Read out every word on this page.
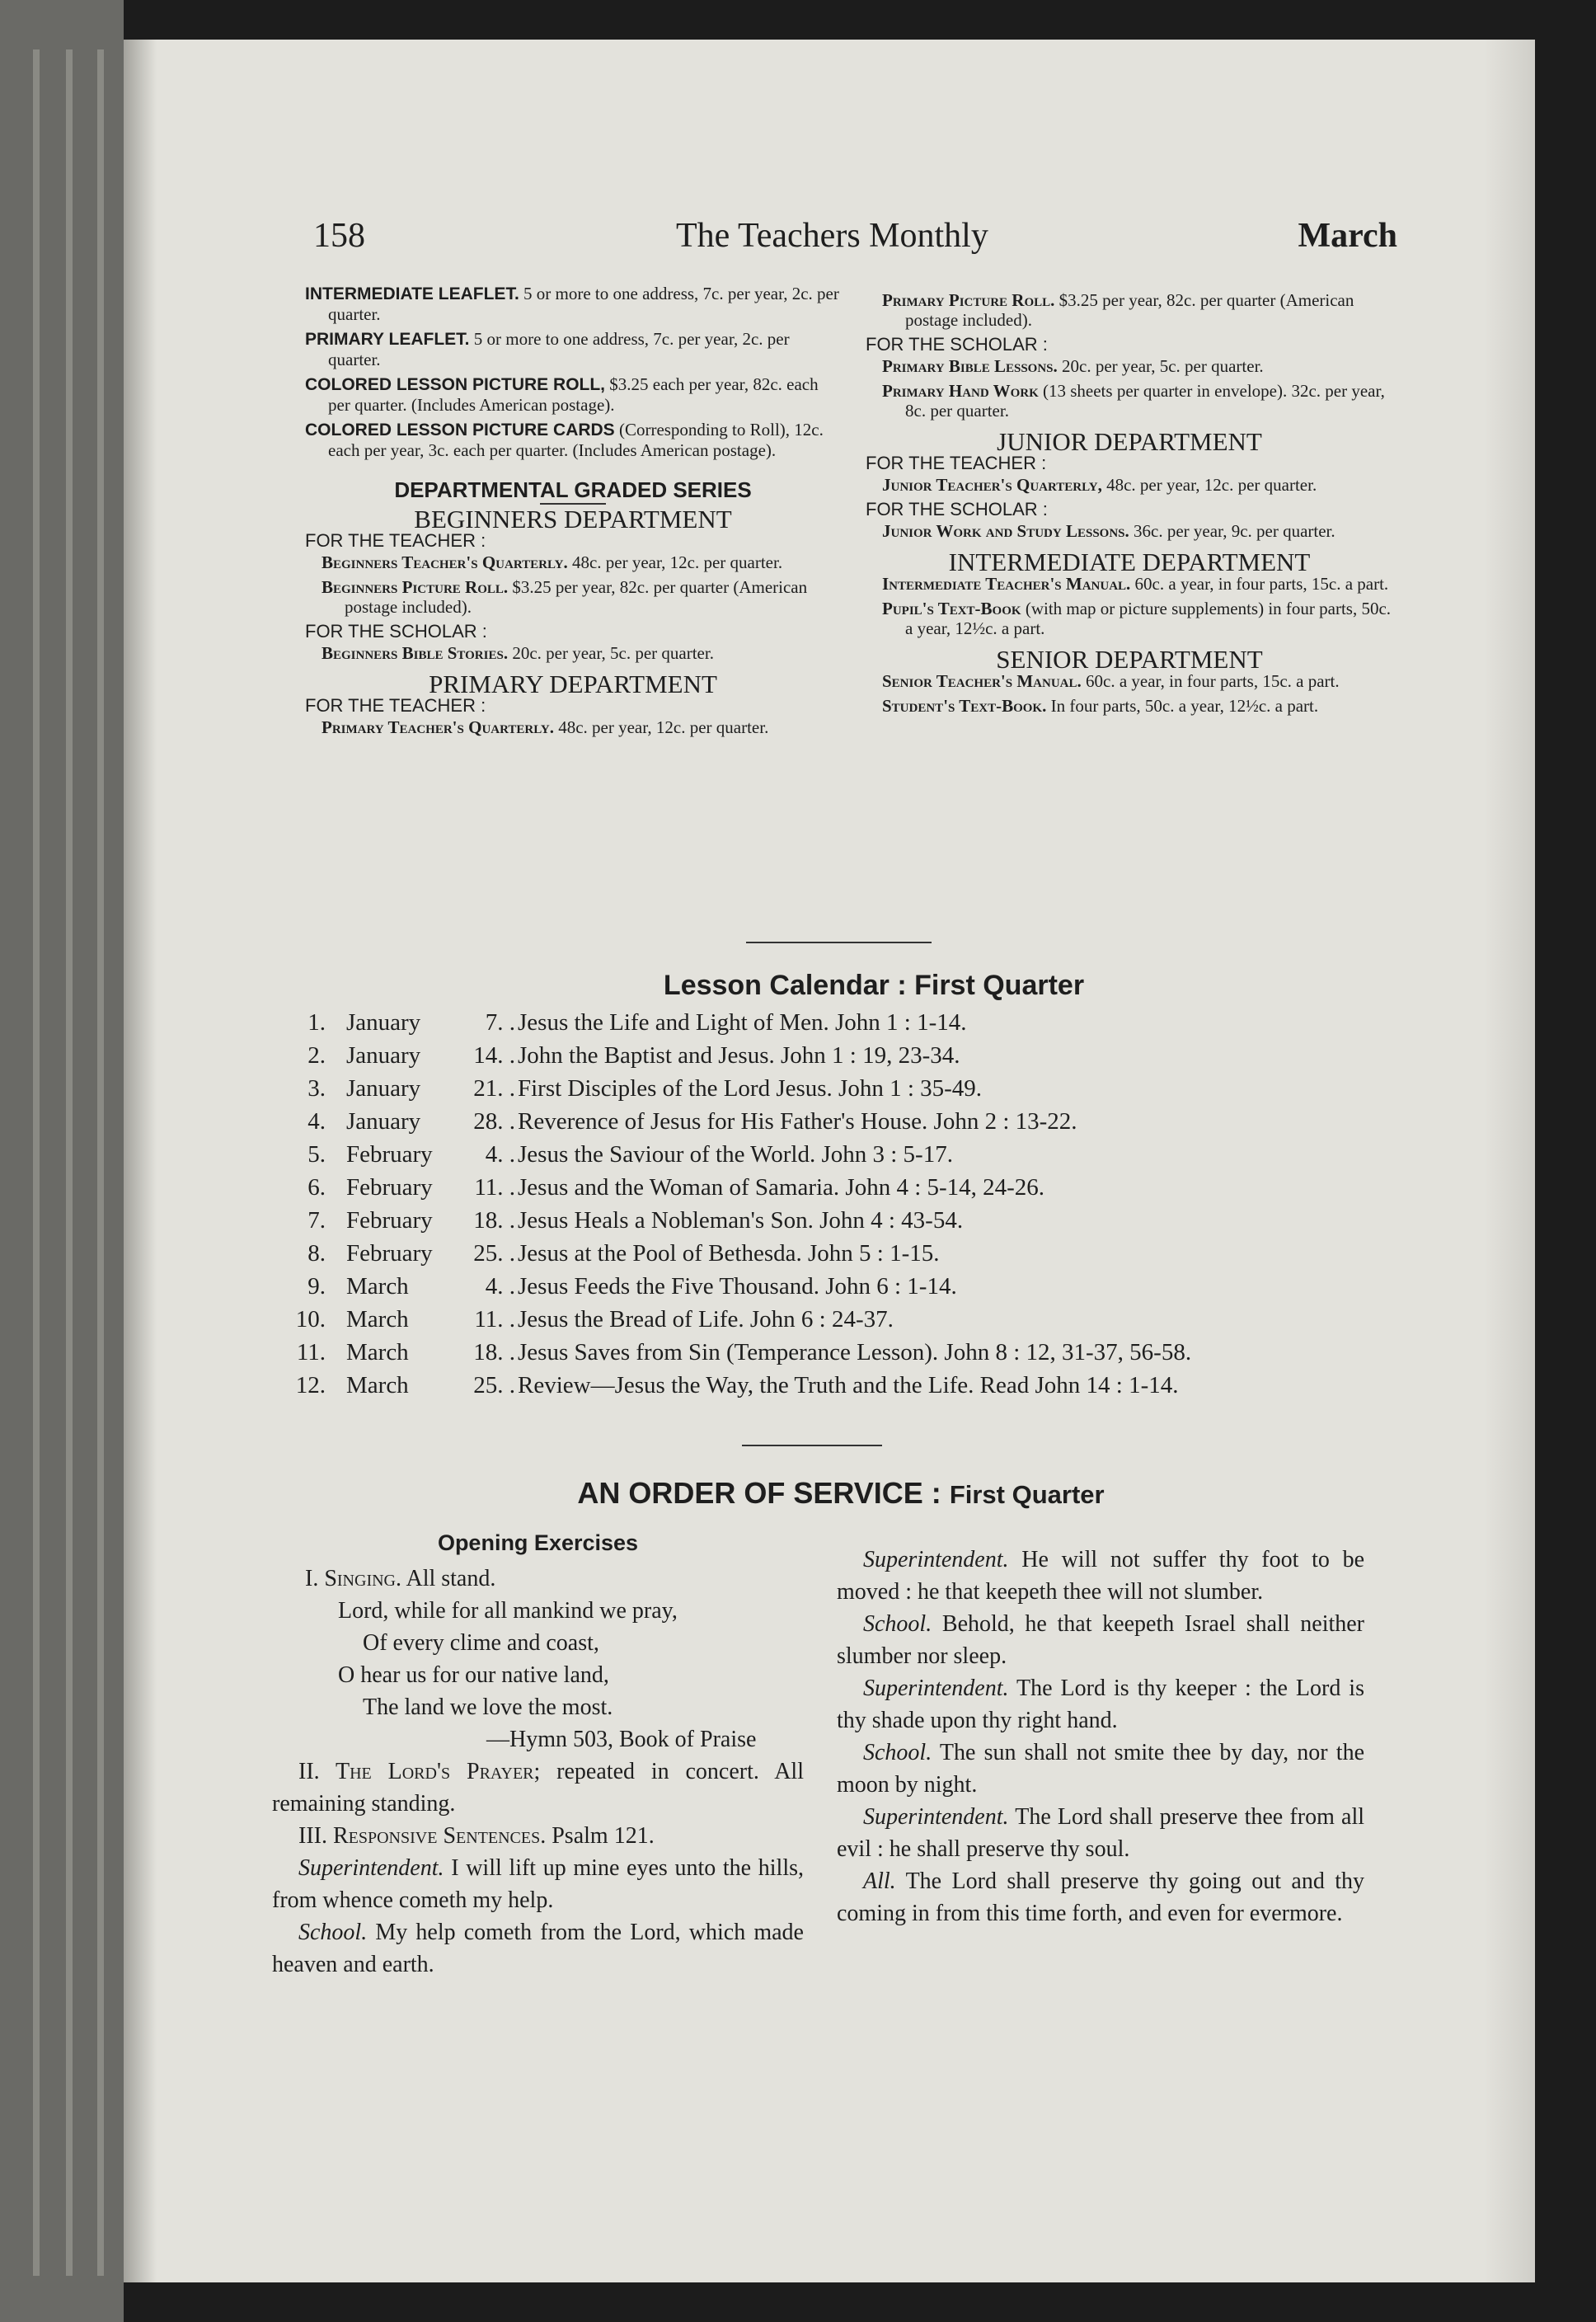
158	The Teachers Monthly	March

INTERMEDIATE LEAFLET. 5 or more to one address, 7c. per year, 2c. per quarter.

PRIMARY LEAFLET. 5 or more to one address, 7c. per year, 2c. per quarter.

COLORED LESSON PICTURE ROLL, $3.25 each per year, 82c. each per quarter. (Includes American postage).

COLORED LESSON PICTURE CARDS (Corresponding to Roll), 12c. each per year, 3c. each per quarter. (Includes American postage).

DEPARTMENTAL GRADED SERIES
BEGINNERS DEPARTMENT
FOR THE TEACHER :

Beginners Teacher's Quarterly. 48c. per year, 12c. per quarter.

Beginners Picture Roll. $3.25 per year, 82c. per quarter (American postage included).

FOR THE SCHOLAR :

Beginners Bible Stories. 20c. per year, 5c. per quarter.

PRIMARY DEPARTMENT
FOR THE TEACHER :

Primary Teacher's Quarterly. 48c. per year, 12c. per quarter.

Primary Picture Roll. $3.25 per year, 82c. per quarter (American postage included).

FOR THE SCHOLAR :

Primary Bible Lessons. 20c. per year, 5c. per quarter.

Primary Hand Work (13 sheets per quarter in envelope). 32c. per year, 8c. per quarter.

JUNIOR DEPARTMENT
FOR THE TEACHER :

Junior Teacher's Quarterly, 48c. per year, 12c. per quarter.

FOR THE SCHOLAR :

Junior Work and Study Lessons. 36c. per year, 9c. per quarter.

INTERMEDIATE DEPARTMENT

Intermediate Teacher's Manual. 60c. a year, in four parts, 15c. a part.

Pupil's Text-Book (with map or picture supplements) in four parts, 50c. a year, 12½c. a part.

SENIOR DEPARTMENT

Senior Teacher's Manual. 60c. a year, in four parts, 15c. a part.

Student's Text-Book. In four parts, 50c. a year, 12½c. a part.

Lesson Calendar : First Quarter
1. January	7. . Jesus the Life and Light of Men. John 1 : 1-14.
2. January	14. . John the Baptist and Jesus. John 1 : 19, 23-34.
3. January	21. . First Disciples of the Lord Jesus. John 1 : 35-49.
4. January	28. . Reverence of Jesus for His Father's House. John 2 : 13-22.
5. February	4. . Jesus the Saviour of the World. John 3 : 5-17.
6. February	11. . Jesus and the Woman of Samaria. John 4 : 5-14, 24-26.
7. February	18. . Jesus Heals a Nobleman's Son. John 4 : 43-54.
8. February	25. . Jesus at the Pool of Bethesda. John 5 : 1-15.
9. March	4. . Jesus Feeds the Five Thousand. John 6 : 1-14.
10. March	11. . Jesus the Bread of Life. John 6 : 24-37.
11. March	18. . Jesus Saves from Sin (Temperance Lesson). John 8 : 12, 31-37, 56-58.
12. March	25. . Review—Jesus the Way, the Truth and the Life. Read John 14 : 1-14.
AN ORDER OF SERVICE : First Quarter
Opening Exercises

I. Singing. All stand.

Lord, while for all mankind we pray,

Of every clime and coast,

O hear us for our native land,

The land we love the most.

—Hymn 503, Book of Praise

II. The Lord's Prayer; repeated in concert. All remaining standing.

III. Responsive Sentences. Psalm 121.

Superintendent. I will lift up mine eyes unto the hills, from whence cometh my help.

School. My help cometh from the Lord, which made heaven and earth.

Superintendent. He will not suffer thy foot to be moved : he that keepeth thee will not slumber.

School. Behold, he that keepeth Israel shall neither slumber nor sleep.

Superintendent. The Lord is thy keeper : the Lord is thy shade upon thy right hand.

School. The sun shall not smite thee by day, nor the moon by night.

Superintendent. The Lord shall preserve thee from all evil : he shall preserve thy soul.

All. The Lord shall preserve thy going out and thy coming in from this time forth, and even for evermore.
